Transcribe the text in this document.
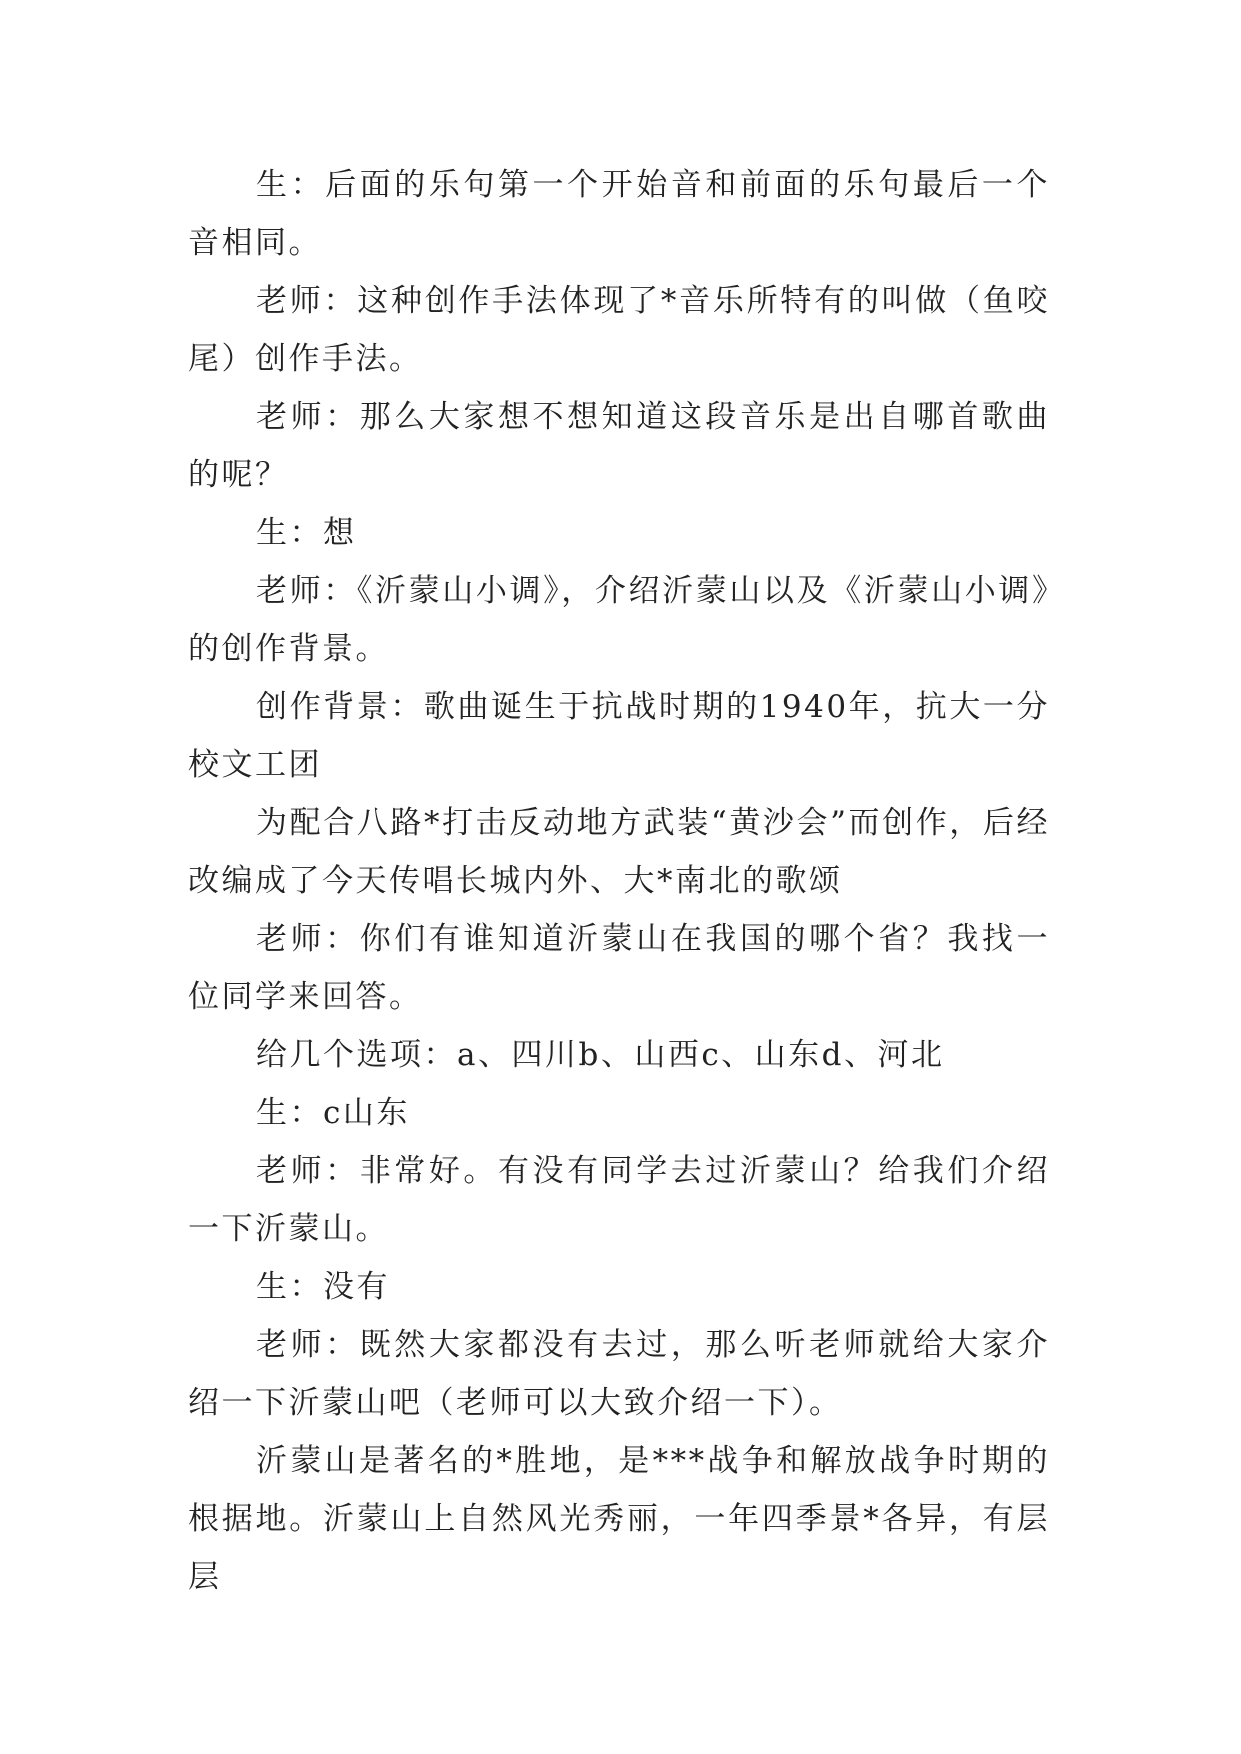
生：后面的乐句第一个开始音和前面的乐句最后一个音相同。

老师：这种创作手法体现了*音乐所特有的叫做（鱼咬尾）创作手法。

老师：那么大家想不想知道这段音乐是出自哪首歌曲的呢？

生：想

老师：《沂蒙山小调》，介绍沂蒙山以及《沂蒙山小调》的创作背景。

创作背景：歌曲诞生于抗战时期的1940年，抗大一分校文工团

为配合八路*打击反动地方武装“黄沙会”而创作，后经改编成了今天传唱长城内外、大*南北的歌颂

老师：你们有谁知道沂蒙山在我国的哪个省？我找一位同学来回答。

给几个选项：a、四川b、山西c、山东d、河北

生：c山东

老师：非常好。有没有同学去过沂蒙山？给我们介绍一下沂蒙山。

生：没有

老师：既然大家都没有去过，那么听老师就给大家介绍一下沂蒙山吧（老师可以大致介绍一下）。

沂蒙山是著名的*胜地，是***战争和解放战争时期的根据地。沂蒙山上自然风光秀丽，一年四季景*各异，有层层
